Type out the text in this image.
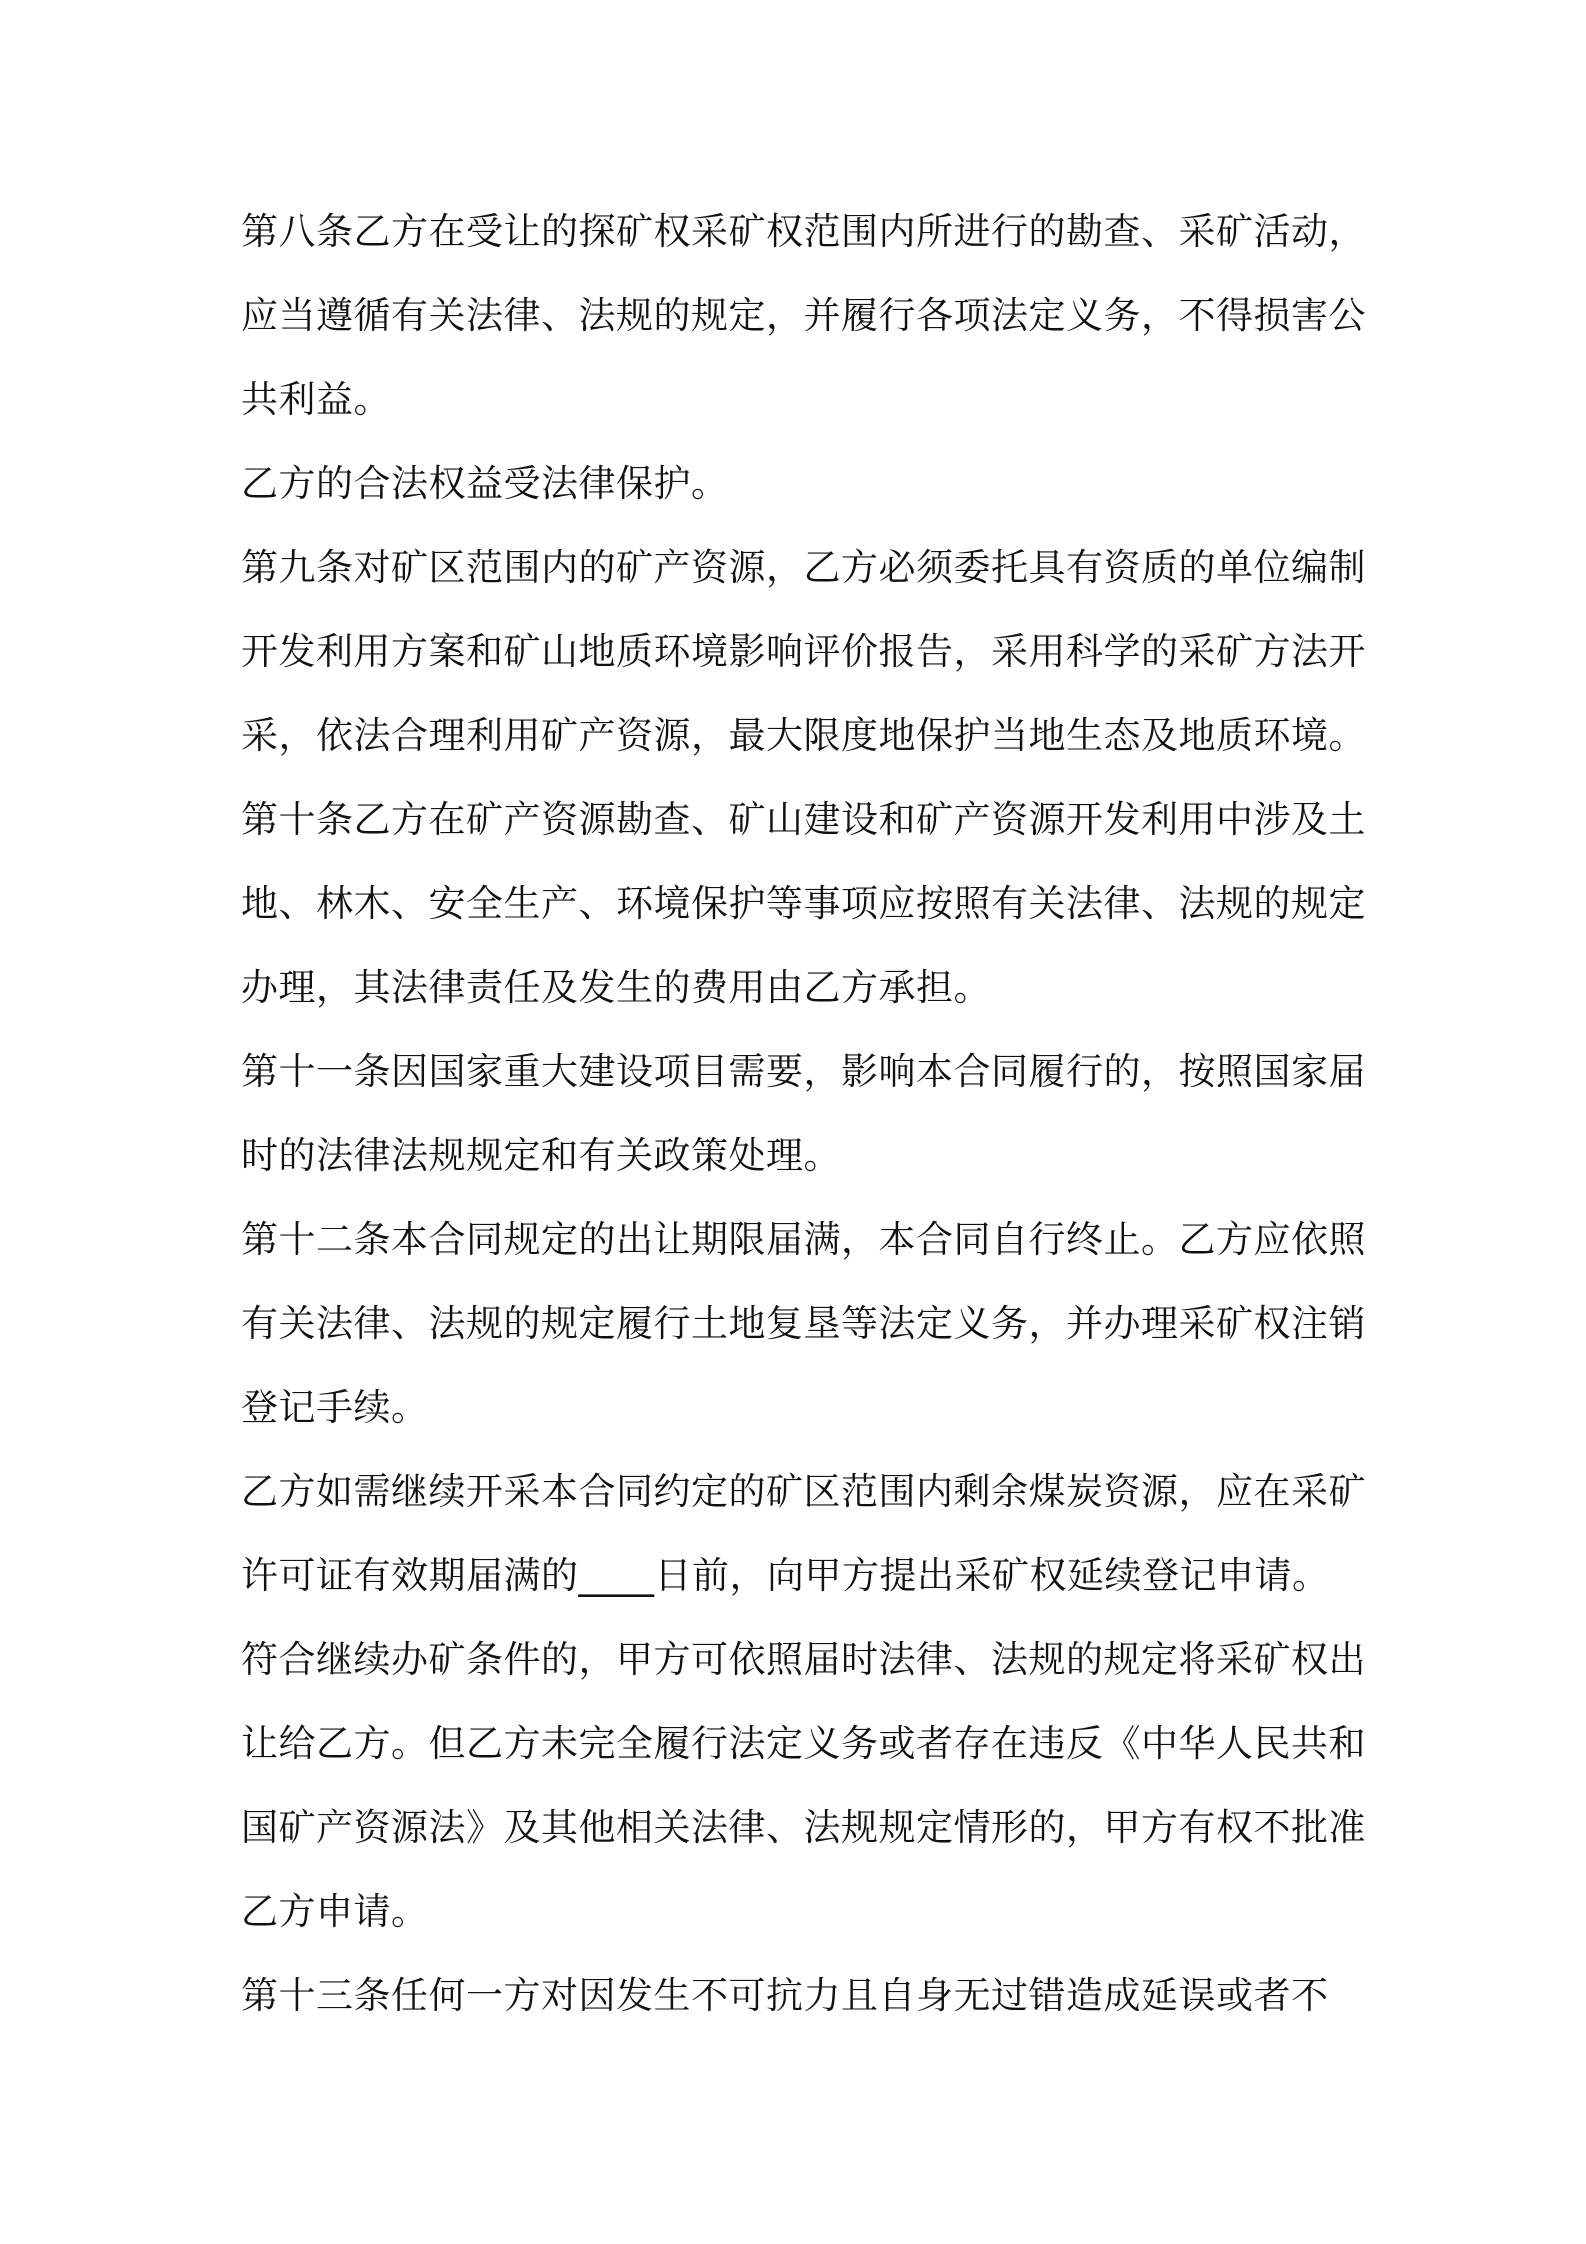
第八条乙方在受让的探矿权采矿权范围内所进行的勘查、采矿活动，
应当遵循有关法律、法规的规定，并履行各项法定义务，不得损害公
共利益。
乙方的合法权益受法律保护。
第九条对矿区范围内的矿产资源，乙方必须委托具有资质的单位编制
开发利用方案和矿山地质环境影响评价报告，采用科学的采矿方法开
采，依法合理利用矿产资源，最大限度地保护当地生态及地质环境。
第十条乙方在矿产资源勘查、矿山建设和矿产资源开发利用中涉及土
地、林木、安全生产、环境保护等事项应按照有关法律、法规的规定
办理，其法律责任及发生的费用由乙方承担。
第十一条因国家重大建设项目需要，影响本合同履行的，按照国家届
时的法律法规规定和有关政策处理。
第十二条本合同规定的出让期限届满，本合同自行终止。乙方应依照
有关法律、法规的规定履行土地复垦等法定义务，并办理采矿权注销
登记手续。
乙方如需继续开采本合同约定的矿区范围内剩余煤炭资源，应在采矿
许可证有效期届满的____日前，向甲方提出采矿权延续登记申请。
符合继续办矿条件的，甲方可依照届时法律、法规的规定将采矿权出
让给乙方。但乙方未完全履行法定义务或者存在违反《中华人民共和
国矿产资源法》及其他相关法律、法规规定情形的，甲方有权不批准
乙方申请。
第十三条任何一方对因发生不可抗力且自身无过错造成延误或者不
